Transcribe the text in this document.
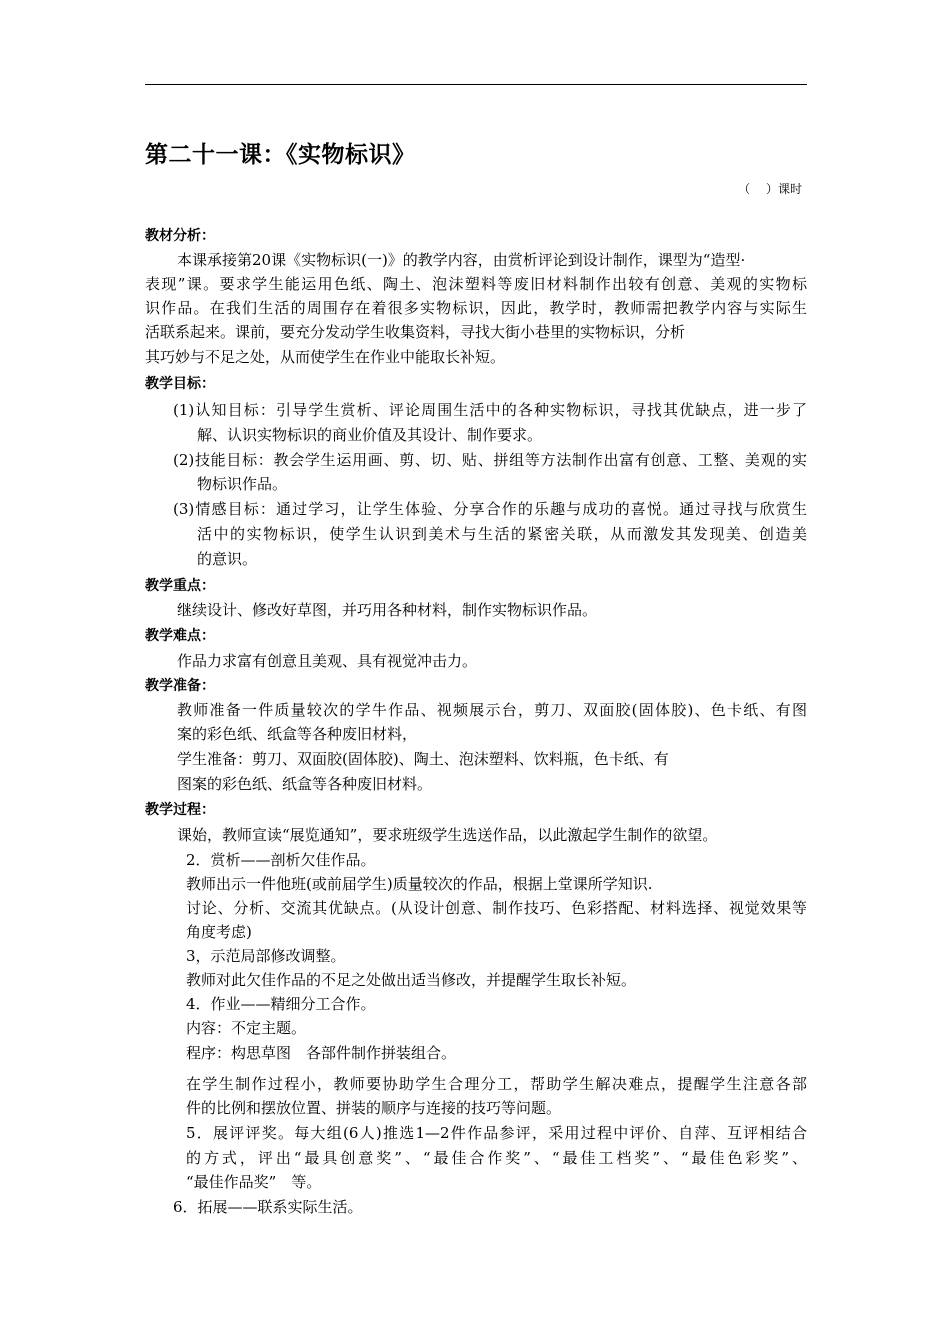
第二十一课：《实物标识》
（　 ）课时
教材分析：
本课承接第20课《实物标识(一)》的教学内容，由赏析评论到设计制作，课型为“造型·
表现”课。要求学生能运用色纸、陶土、泡沫塑料等废旧材料制作出较有创意、美观的实物标
识作品。在我们生活的周围存在着很多实物标识，因此，教学时，教师需把教学内容与实际生
活联系起来。课前，要充分发动学生收集资料，寻找大街小巷里的实物标识，分析
其巧妙与不足之处，从而使学生在作业中能取长补短。
教学目标：
(1)认知目标：引导学生赏析、评论周围生活中的各种实物标识，寻找其优缺点，进一步了
解、认识实物标识的商业价值及其设计、制作要求。
(2)技能目标：教会学生运用画、剪、切、贴、拼组等方法制作出富有创意、工整、美观的实
物标识作品。
(3)情感目标：通过学习，让学生体验、分享合作的乐趣与成功的喜悦。通过寻找与欣赏生
活中的实物标识，使学生认识到美术与生活的紧密关联，从而激发其发现美、创造美
的意识。
教学重点：
继续设计、修改好草图，并巧用各种材料，制作实物标识作品。
教学难点：
作品力求富有创意且美观、具有视觉冲击力。
教学准备：
教师准备一件质量较次的学牛作品、视频展示台，剪刀、双面胶(固体胶)、色卡纸、有图
案的彩色纸、纸盒等各种废旧材料，
学生准备：剪刀、双面胶(固体胶)、陶土、泡沫塑料、饮料瓶，色卡纸、有
图案的彩色纸、纸盒等各种废旧材料。
教学过程：
课始，教师宣读“展览通知”，要求班级学生选送作品，以此激起学生制作的欲望。
2．赏析——剖析欠佳作品。
教师出示一件他班(或前届学生)质量较次的作品，根据上堂课所学知识.
讨论、分析、交流其优缺点。(从设计创意、制作技巧、色彩搭配、材料选择、视觉效果等
角度考虑)
3，示范局部修改调整。
教师对此欠佳作品的不足之处做出适当修改，并提醒学生取长补短。
4．作业——精细分工合作。
内容：不定主题。
程序：构思草图　各部件制作拼装组合。
在学生制作过程小，教师要协助学生合理分工，帮助学生解决难点，提醒学生注意各部
件的比例和摆放位置、拼装的顺序与连接的技巧等问题。
5．展评评奖。每大组(6人)推选1—2件作品参评，采用过程中评价、自萍、互评相结合
的方式，评出“最具创意奖”、“最佳合作奖”、“最佳工档奖”、“最佳色彩奖”、
“最佳作品奖”　等。
6．拓展——联系实际生活。
